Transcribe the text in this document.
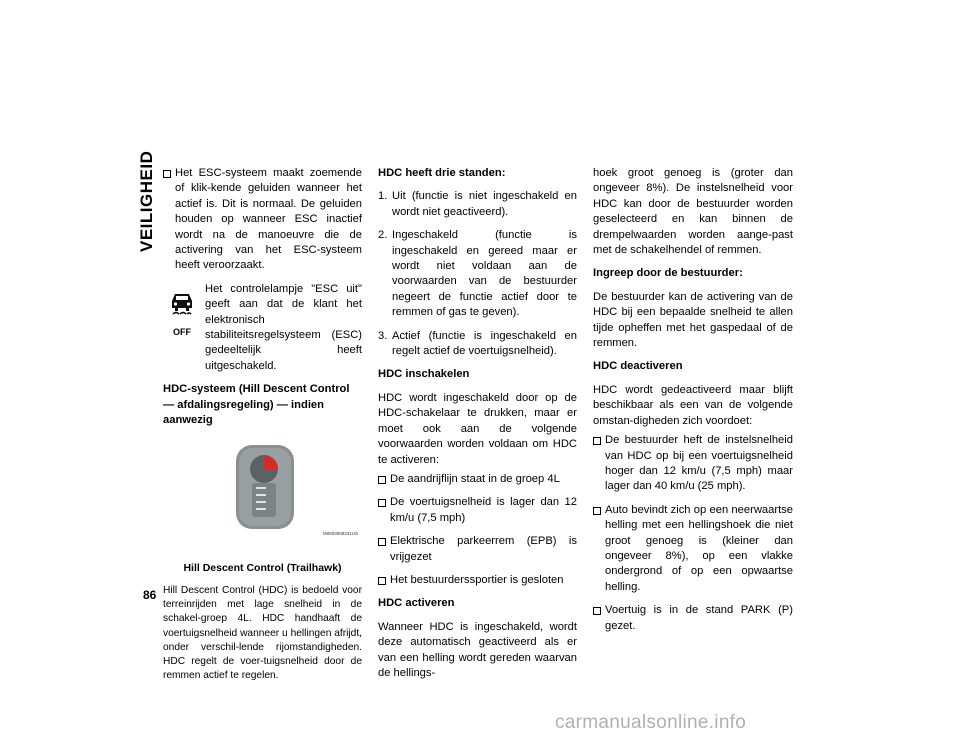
VEILIGHEID
86
Het ESC-systeem maakt zoemende of klik-kende geluiden wanneer het actief is. Dit is normaal. De geluiden houden op wanneer ESC inactief wordt na de manoeuvre die de activering van het ESC-systeem heeft veroorzaakt.
OFF

Het controlelampje "ESC uit" geeft aan dat de klant het elektronisch stabiliteitsregelsysteem (ESC) gedeeltelijk heeft uitgeschakeld.

HDC-systeem (Hill Descent Control — afdalingsregeling) — indien aanwezig

M0503008231US

Hill Descent Control (Trailhawk)

Hill Descent Control (HDC) is bedoeld voor terreinrijden met lage snelheid in de schakel-groep 4L. HDC handhaaft de voertuigsnelheid wanneer u hellingen afrijdt, onder verschil-lende rijomstandigheden. HDC regelt de voer-tuigsnelheid door de remmen actief te regelen.

HDC heeft drie standen:

1. Uit (functie is niet ingeschakeld en wordt niet geactiveerd).
2. Ingeschakeld (functie is ingeschakeld en gereed maar er wordt niet voldaan aan de voorwaarden van de bestuurder negeert de functie actief door te remmen of gas te geven).
3. Actief (functie is ingeschakeld en regelt actief de voertuigsnelheid).

HDC inschakelen

HDC wordt ingeschakeld door op de HDC-schakelaar te drukken, maar er moet ook aan de volgende voorwaarden worden voldaan om HDC te activeren:

De aandrijflijn staat in de groep 4L
De voertuigsnelheid is lager dan 12 km/u (7,5 mph)
Elektrische parkeerrem (EPB) is vrijgezet
Het bestuurderssportier is gesloten

HDC activeren

Wanneer HDC is ingeschakeld, wordt deze automatisch geactiveerd als er van een helling wordt gereden waarvan de hellings-

hoek groot genoeg is (groter dan ongeveer 8%). De instelsnelheid voor HDC kan door de bestuurder worden geselecteerd en kan binnen de drempelwaarden worden aange-past met de schakelhendel of remmen.

Ingreep door de bestuurder:

De bestuurder kan de activering van de HDC bij een bepaalde snelheid te allen tijde opheffen met het gaspedaal of de remmen.

HDC deactiveren

HDC wordt gedeactiveerd maar blijft beschikbaar als een van de volgende omstan-digheden zich voordoet:

De bestuurder heft de instelsnelheid van HDC op bij een voertuigsnelheid hoger dan 12 km/u (7,5 mph) maar lager dan 40 km/u (25 mph).
Auto bevindt zich op een neerwaartse helling met een hellingshoek die niet groot genoeg is (kleiner dan ongeveer 8%), op een vlakke ondergrond of op een opwaartse helling.
Voertuig is in de stand PARK (P) gezet.
carmanualsonline.info
